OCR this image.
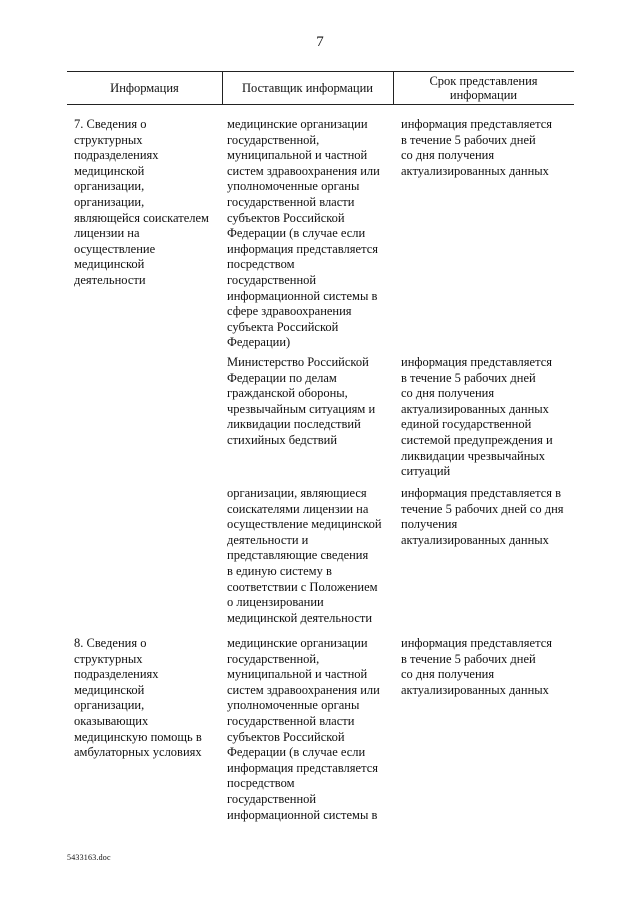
7
Информация	Поставщик информации	Срок представления
информации
7. Сведения о
структурных
подразделениях
медицинской
организации,
организации,
являющейся соискателем
лицензии на
осуществление
медицинской
деятельности
медицинские организации
государственной,
муниципальной и частной
систем здравоохранения или
уполномоченные органы
государственной власти
субъектов Российской
Федерации (в случае если
информация представляется
посредством
государственной
информационной системы в
сфере здравоохранения
субъекта Российской
Федерации)
информация представляется
в течение 5 рабочих дней
со дня получения
актуализированных данных
Министерство Российской
Федерации по делам
гражданской обороны,
чрезвычайным ситуациям и
ликвидации последствий
стихийных бедствий
информация представляется
в течение 5 рабочих дней
со дня получения
актуализированных данных
единой государственной
системой предупреждения и
ликвидации чрезвычайных
ситуаций
организации, являющиеся
соискателями лицензии на
осуществление медицинской
деятельности и
представляющие сведения
в единую систему в
соответствии с Положением
о лицензировании
медицинской деятельности
информация представляется в
течение 5 рабочих дней со дня
получения
актуализированных данных
8. Сведения о
структурных
подразделениях
медицинской
организации,
оказывающих
медицинскую помощь в
амбулаторных условиях
медицинские организации
государственной,
муниципальной и частной
систем здравоохранения или
уполномоченные органы
государственной власти
субъектов Российской
Федерации (в случае если
информация представляется
посредством
государственной
информационной системы в
информация представляется
в течение 5 рабочих дней
со дня получения
актуализированных данных
5433163.doc
